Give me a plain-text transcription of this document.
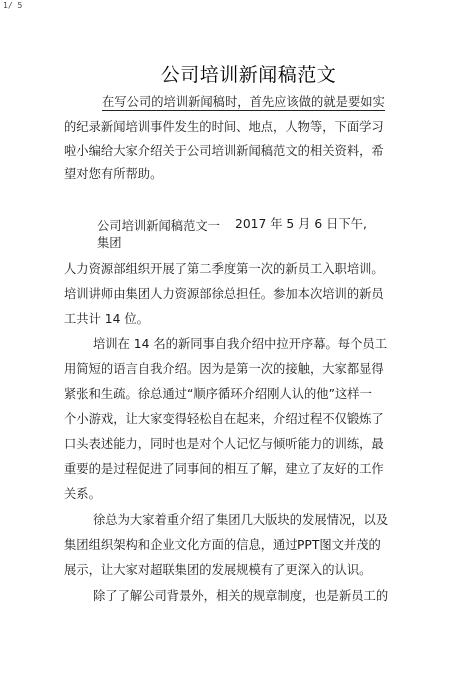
1/ 5
公司培训新闻稿范文
在写公司的培训新闻稿时，首先应该做的就是要如实
的纪录新闻培训事件发生的时间、地点，人物等，下面学习
啦小编给大家介绍关于公司培训新闻稿范文的相关资料，希
望对您有所帮助。
公司培训新闻稿范文一 2017 年 5 月 6 日下午,
集团
人力资源部组织开展了第二季度第一次的新员工入职培训。
培训讲师由集团人力资源部徐总担任。参加本次培训的新员
工共计 14 位。
培训在 14 名的新同事自我介绍中拉开序幕。每个员工
用简短的语言自我介绍。因为是第一次的接触，大家都显得
紧张和生疏。徐总通过“顺序循环介绍刚人认的他”这样一
个小游戏，让大家变得轻松自在起来，介绍过程不仅锻炼了
口头表述能力，同时也是对个人记忆与倾听能力的训练，最
重要的是过程促进了同事间的相互了解，建立了友好的工作
关系。
徐总为大家着重介绍了集团几大版块的发展情况，以及
集团组织架构和企业文化方面的信息，通过 PPT图文并茂的
展示，让大家对超联集团的发展规模有了更深入的认识。
除了了解公司背景外，相关的规章制度，也是新员工的
